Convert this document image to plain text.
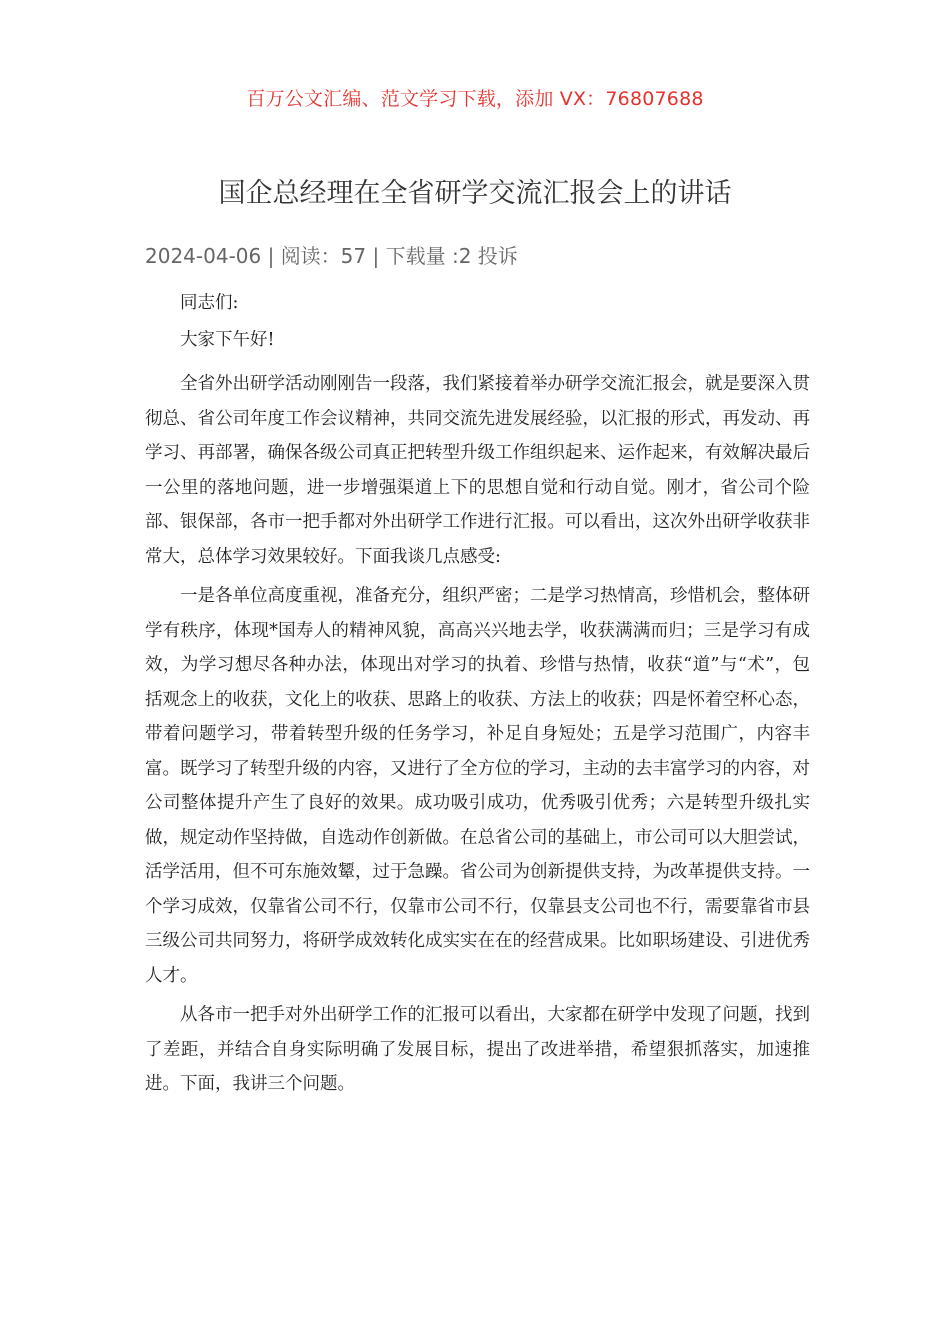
百万公文汇编、范文学习下载，添加 VX：76807688
国企总经理在全省研学交流汇报会上的讲话
2024-04-06 | 阅读：57 | 下载量 :2 投诉

同志们:

大家下午好!

全省外出研学活动刚刚告一段落，我们紧接着举办研学交流汇报会，就是要深入贯彻总、省公司年度工作会议精神，共同交流先进发展经验，以汇报的形式，再发动、再学习、再部署，确保各级公司真正把转型升级工作组织起来、运作起来，有效解决最后一公里的落地问题，进一步增强渠道上下的思想自觉和行动自觉。刚才，省公司个险部、银保部，各市一把手都对外出研学工作进行汇报。可以看出，这次外出研学收获非常大，总体学习效果较好。下面我谈几点感受:

一是各单位高度重视，准备充分，组织严密；二是学习热情高，珍惜机会，整体研学有秩序，体现*国寿人的精神风貌，高高兴兴地去学，收获满满而归；三是学习有成效，为学习想尽各种办法，体现出对学习的执着、珍惜与热情，收获“道”与“术”，包括观念上的收获，文化上的收获、思路上的收获、方法上的收获；四是怀着空杯心态，带着问题学习，带着转型升级的任务学习，补足自身短处；五是学习范围广，内容丰富。既学习了转型升级的内容，又进行了全方位的学习，主动的去丰富学习的内容，对公司整体提升产生了良好的效果。成功吸引成功，优秀吸引优秀；六是转型升级扎实做，规定动作坚持做，自选动作创新做。在总省公司的基础上，市公司可以大胆尝试，活学活用，但不可东施效颦，过于急躁。省公司为创新提供支持，为改革提供支持。一个学习成效，仅靠省公司不行，仅靠市公司不行，仅靠县支公司也不行，需要靠省市县三级公司共同努力，将研学成效转化成实实在在的经营成果。比如职场建设、引进优秀人才。

从各市一把手对外出研学工作的汇报可以看出，大家都在研学中发现了问题，找到了差距，并结合自身实际明确了发展目标，提出了改进举措，希望狠抓落实，加速推进。下面，我讲三个问题。
